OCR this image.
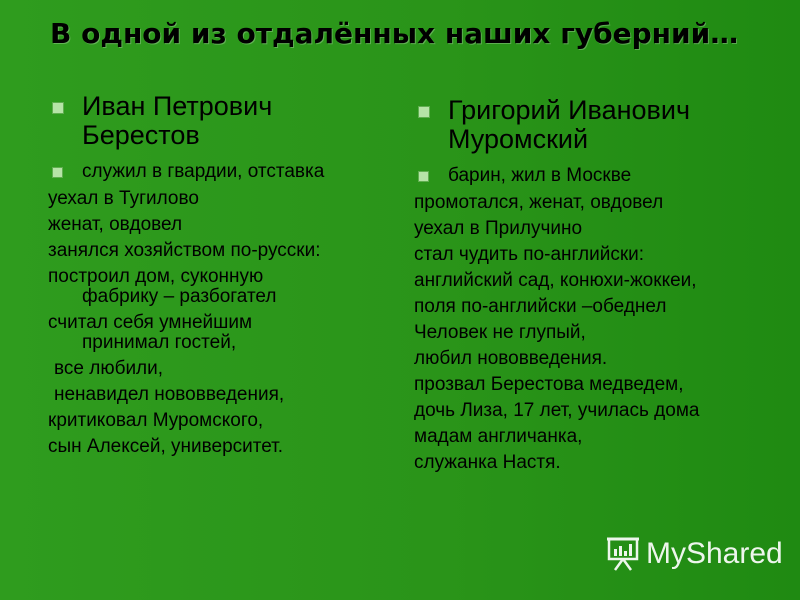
В одной из отдалённых наших губерний…
Иван Петрович Берестов
служил в гвардии, отставка
уехал в Тугилово
женат, овдовел
занялся хозяйством по-русски:
построил дом, суконную
фабрику – разбогател
считал себя умнейшим
принимал гостей,
все любили,
ненавидел нововведения,
критиковал Муромского,
сын Алексей, университет.
Григорий Иванович Муромский
барин, жил в Москве
промотался, женат, овдовел
уехал в Прилучино
стал чудить по-английски:
английский сад, конюхи-жоккеи,
поля по-английски –обеднел
Человек не глупый,
любил нововведения.
прозвал Берестова медведем,
дочь Лиза, 17 лет, училась дома
мадам англичанка,
служанка Настя.
MyShared
